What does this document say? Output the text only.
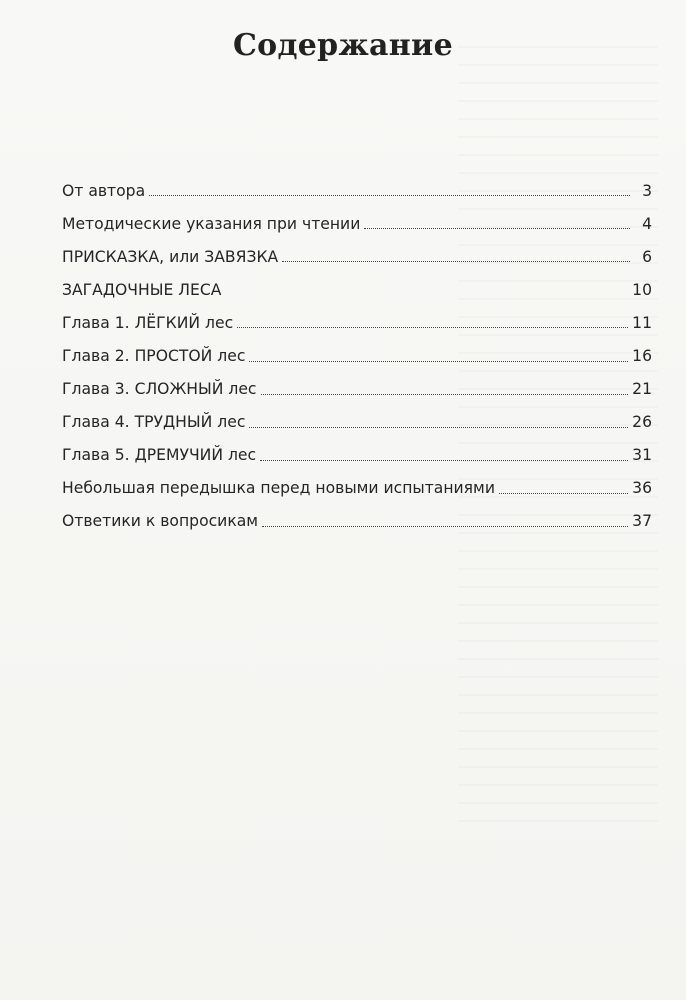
Содержание
От автора	3
Методические указания при чтении	4
ПРИСКАЗКА, или ЗАВЯЗКА	6
ЗАГАДОЧНЫЕ ЛЕСА	10
Глава 1. ЛЁГКИЙ лес	11
Глава 2. ПРОСТОЙ лес	16
Глава 3. СЛОЖНЫЙ лес	21
Глава 4. ТРУДНЫЙ лес	26
Глава 5. ДРЕМУЧИЙ лес	31
Небольшая передышка перед новыми испытаниями	36
Ответики к вопросикам	37
